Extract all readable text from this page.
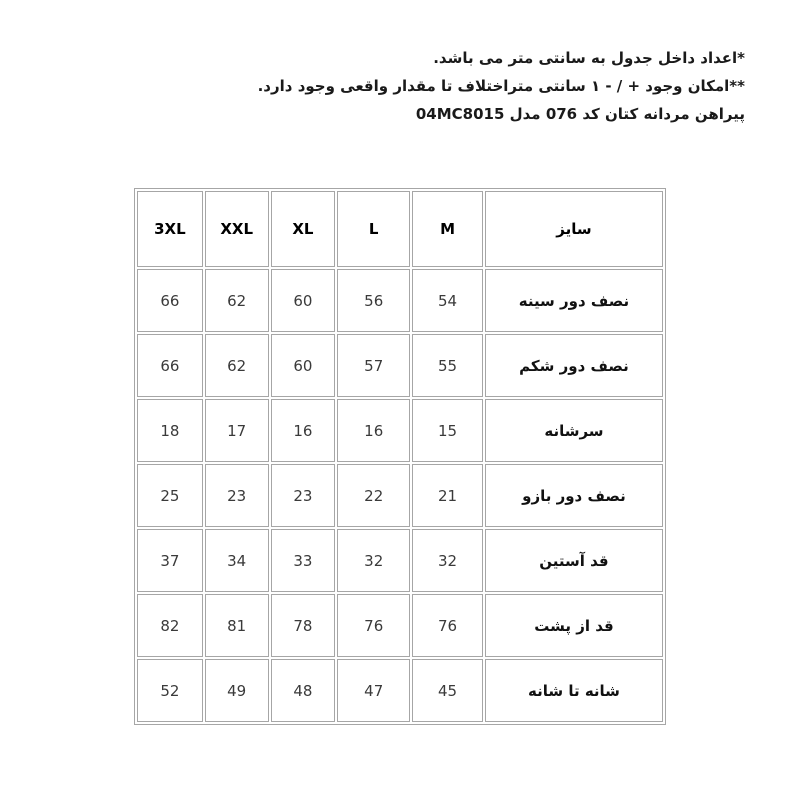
*اعداد داخل جدول به سانتی متر می باشد.
**امکان وجود + / - ۱ سانتی متراختلاف تا مقدار واقعی وجود دارد.
پیراهن مردانه کتان کد 076 مدل 04MC8015
سایز	M	L	XL	XXL	3XL
نصف دور سینه	54	56	60	62	66
نصف دور شکم	55	57	60	62	66
سرشانه	15	16	16	17	18
نصف دور بازو	21	22	23	23	25
قد آستین	32	32	33	34	37
قد از پشت	76	76	78	81	82
شانه تا شانه	45	47	48	49	52
